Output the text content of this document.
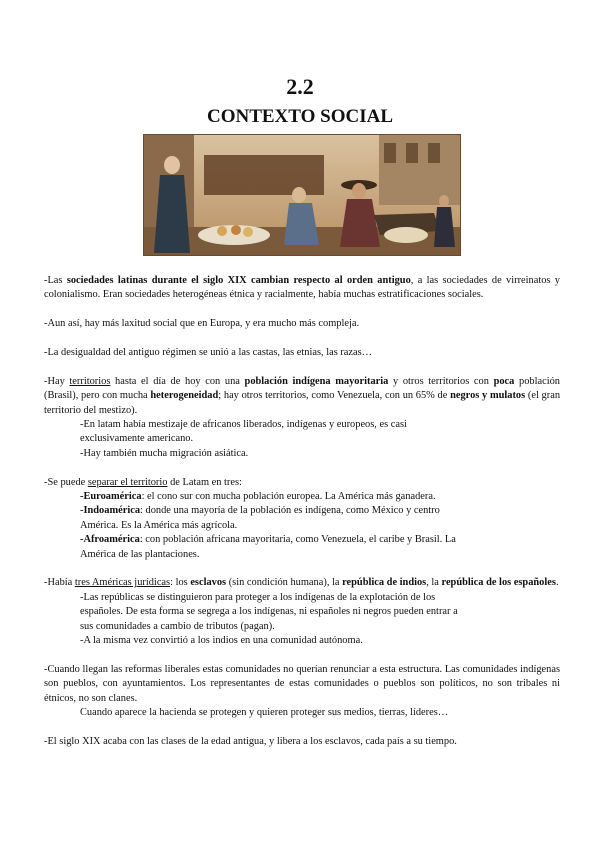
2.2
CONTEXTO SOCIAL

-Las sociedades latinas durante el siglo XIX cambian respecto al orden antiguo, a las sociedades de virreinatos y colonialismo. Eran sociedades heterogéneas étnica y racialmente, había muchas estratificaciones sociales.

-Aun así, hay más laxitud social que en Europa, y era mucho más compleja.

-La desigualdad del antiguo régimen se unió a las castas, las etnias, las razas…

-Hay territorios hasta el día de hoy con una población indígena mayoritaria y otros territorios con poca población (Brasil), pero con mucha heterogeneidad; hay otros territorios, como Venezuela, con un 65% de negros y mulatos (el gran territorio del mestizo).
-En latam había mestizaje de africanos liberados, indígenas y europeos, es casi
exclusivamente americano.
-Hay también mucha migración asiática.
-Se puede separar el territorio de Latam en tres:
-Euroamérica: el cono sur con mucha población europea. La América más ganadera.
-Indoamérica: donde una mayoría de la población es indígena, como México y centro
América. Es la América más agrícola.
-Afroamérica: con población africana mayoritaria, como Venezuela, el caribe y Brasil. La
América de las plantaciones.
-Había tres Américas jurídicas: los esclavos (sin condición humana), la república de indios, la república de los españoles.
-Las repúblicas se distinguieron para proteger a los indígenas de la explotación de los
españoles. De esta forma se segrega a los indígenas, ni españoles ni negros pueden entrar a
sus comunidades a cambio de tributos (pagan).
-A la misma vez convirtió a los indios en una comunidad autónoma.
-Cuando llegan las reformas liberales estas comunidades no querían renunciar a esta estructura. Las comunidades indígenas son pueblos, con ayuntamientos. Los representantes de estas comunidades o pueblos son políticos, no son tribales ni étnicos, no son clanes.
Cuando aparece la hacienda se protegen y quieren proteger sus medios, tierras, líderes…

-El siglo XIX acaba con las clases de la edad antigua, y libera a los esclavos, cada país a su tiempo.
